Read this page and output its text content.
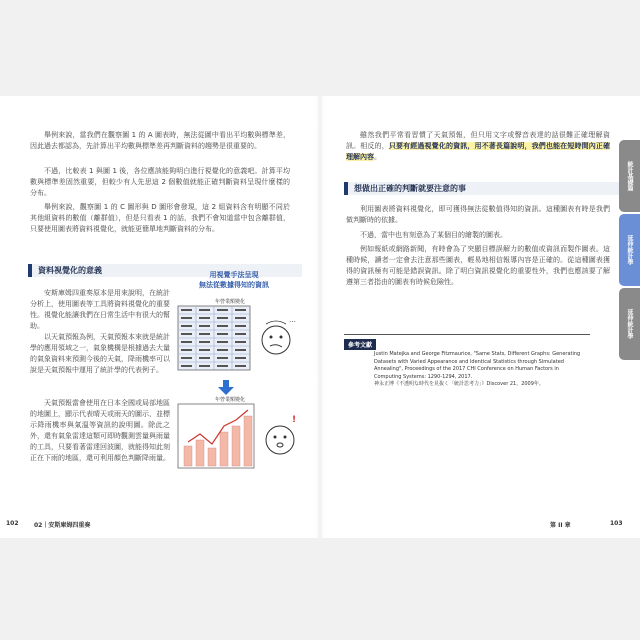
舉例來說，當我們在觀察圖 1 的 A 圖表時，無法從圖中看出平均數與標準差，因此過去都認為，先計算出平均數與標準差再判斷資料的趨勢是很重要的。

不過，比較表 1 與圖 1 後，各位應該能夠明白進行視覺化的意義吧。計算平均數與標準差固然重要，但較少有人先思這 2 個數值就能正確判斷資料呈現什麼樣的分布。

舉例來說，觀察圖 1 的 C 圖形與 D 圖形會發現，這 2 組資料含有明顯不同於其他組資料的數值（離群值），但是只看表 1 的話，我們不會知道當中包含離群值，只要使用圖表將資料視覺化，就能更簡單地判斷資料的分布。

資料視覺化的意義

安斯庫姆四重奏原本是用來說明，在統計分析上，使用圖表等工具將資料視覺化的重要性。視覺化能讓我們在日常生活中有很大的幫助。

以天氣預報為例，天氣預報本來就是統計學的應用領域之一，氣象機構是根據過去大量的氣象資料來預測今後的天氣，降雨機率可以說是天氣預報中運用了統計學的代表例子。

天氣預報當會使用在日本全國或局部地區的地圖上，顯示代表晴天或雨天的圖示，並標示降雨機率與氣溫等資訊的說明圖。除此之外，還有氣象雷達這類可即時觀測雲量與雨量的工具，只要看著雷達回波圖，就能得知此刻正在下雨的地區，還可利用顏色判斷降雨量。

用視覺手法呈現
無法從數據得知的資訊
年營業額變化
…
年營業額變化
!
102	02｜安斯庫姆四重奏

雖然我們平常看習慣了天氣預報，但只用文字或聲音表達的話很難正確理解資訊。相反的，只要有經過視覺化的資訊，用不著長篇說明，我們也能在短時間內正確理解內容。

想做出正確的判斷就要注意的事

利用圖表將資料視覺化，即可獲得無法從數值得知的資訊。這種圖表有時是我們做判斷時的依據。

不過，當中也有刻意為了某個目的繪製的圖表。

例如報紙或網路新聞，有時會為了突顯目標誤解力的數值或資訊而製作圖表。這種時候，讀者一定會去注意那些圖表，輕易地相信報導內容是正確的。從這種圖表獲得的資訊極有可能是錯誤資訊。除了明白資訊視覺化的重要性外，我們也應該要了解遵第三者指由的圖表有時候危險性。

第 II 章	103
參考文獻
Justin Matejka and George Fitzmaurice, "Same Stats, Different Graphs: Generating Datasets with Varied Appearance and Identical Statistics through Simulated Annealing", Proceedings of the 2017 CHI Conference on Human Factors in Computing Systems: 1290-1294, 2017.
神永正博《不透明な時代を見抜く「統計思考力」》Discover 21，2009年。
統計基礎篇
延伸統計學
延伸統計學
